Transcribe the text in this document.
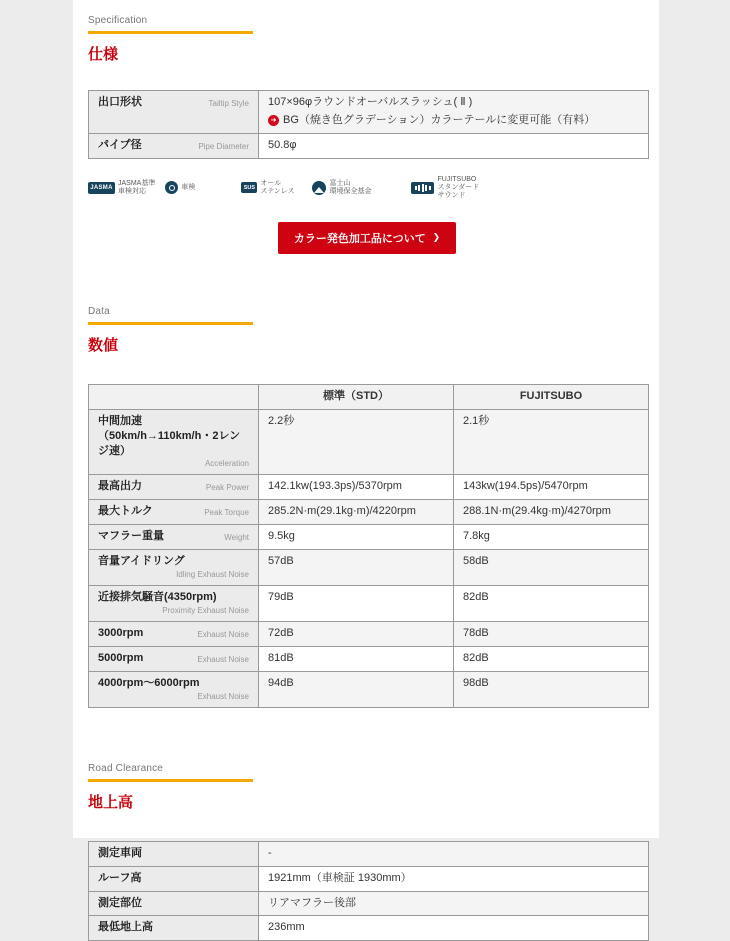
Specification
仕様
出口形状	Tailtip Style	107×96φラウンドオーバルスラッシュ( Ⅱ )
➜ BG（焼き色グラデーション）カラーテールに変更可能（有料）

パイプ径 Pipe Diameter	50.8φ
JASMA
JASMA基準
車検対応
車検	SUS
オール
ステンレス
富士山
環境保全基金
FUJITSUBO
スタンダード
サウンド
カラー発色加工品について ❯
Data
数値
	標準（STD）	FUJITSUBO

中間加速（50km/h→110km/h・2レンジ速）
Acceleration	2.2秒	2.1秒

最高出力 Peak Power	142.1kw(193.3ps)/5370rpm	143kw(194.5ps)/5470rpm

最大トルク Peak Torque	285.2N·m(29.1kg·m)/4220rpm	288.1N·m(29.4kg·m)/4270rpm

マフラー重量 Weight	9.5kg	7.8kg

音量アイドリング
Idling Exhaust Noise	57dB	58dB

近接排気騒音(4350rpm)
Proximity Exhaust Noise	79dB	82dB

3000rpm Exhaust Noise	72dB	78dB

5000rpm Exhaust Noise	81dB	82dB

4000rpm〜6000rpm
Exhaust Noise	94dB	98dB
Road Clearance
地上高
測定車両	-

ルーフ高	1921mm（車検証 1930mm）

測定部位	リアマフラー後部

最低地上高	236mm
